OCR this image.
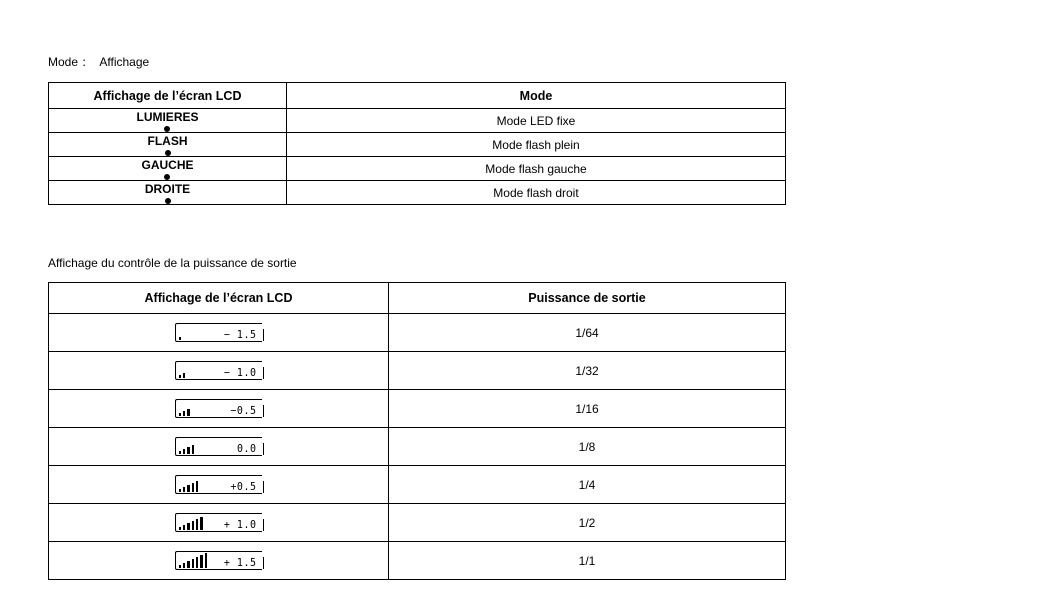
Mode ：  Affichage
Affichage de l’écran LCD	Mode
LUMIERES	Mode LED fixe
FLASH	Mode flash plein
GAUCHE	Mode flash gauche
DROITE	Mode flash droit
Affichage du contrôle de la puissance de sortie
Affichage de l’écran LCD	Puissance de sortie

− 1.5	1/64

− 1.0	1/32

−0.5	1/16

0.0	1/8

+0.5	1/4

+ 1.0	1/2

+ 1.5	1/1
